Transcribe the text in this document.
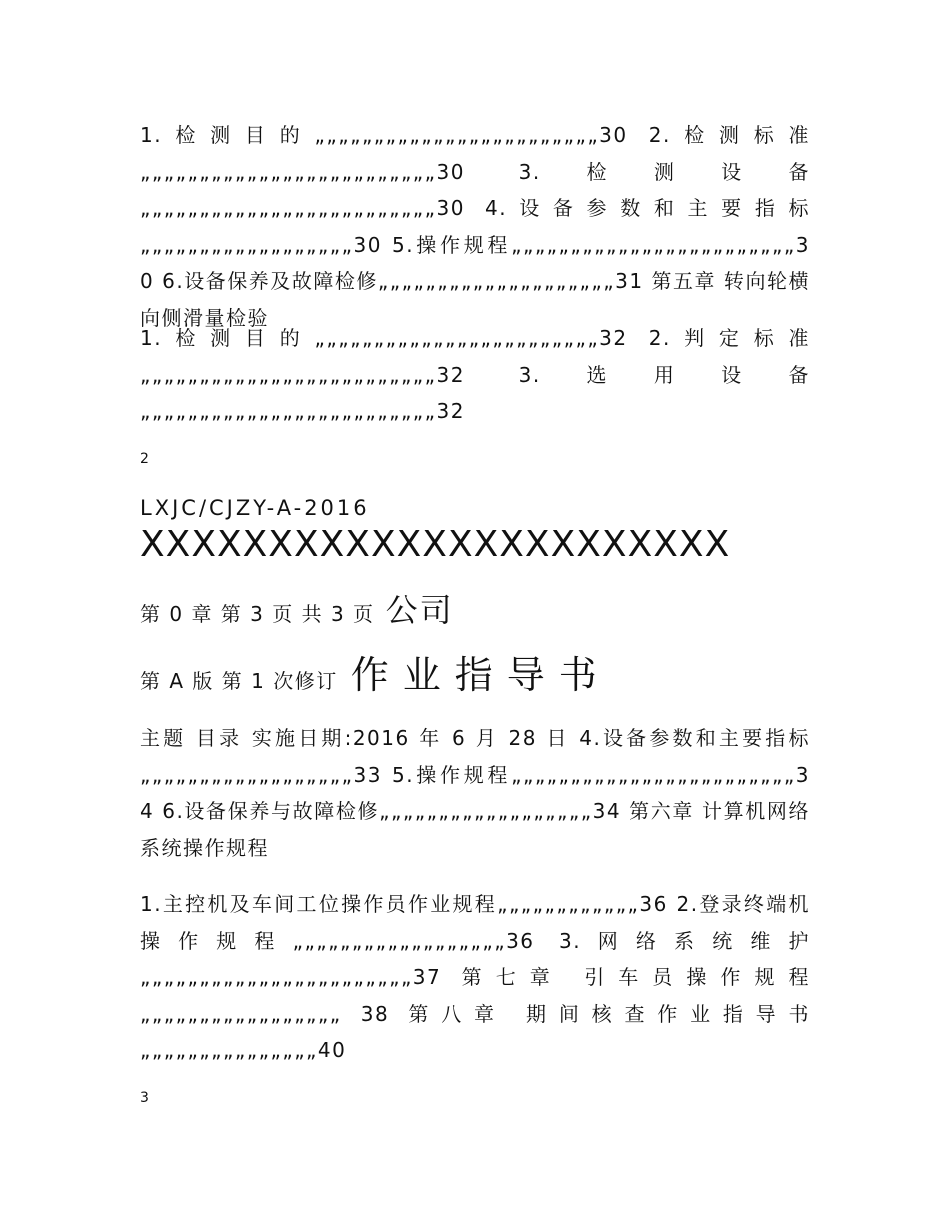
1.检测目的„„„„„„„„„„„„„„„„„„„„„„„„30 2.检测标准„„„„„„„„„„„„„„„„„„„„„„„„„30 3.检测设备„„„„„„„„„„„„„„„„„„„„„„„„„30 4.设备参数和主要指标„„„„„„„„„„„„„„„„„„30 5.操作规程„„„„„„„„„„„„„„„„„„„„„„„„30 6.设备保养及故障检修„„„„„„„„„„„„„„„„„„„„31 第五章 转向轮横向侧滑量检验

1.检测目的„„„„„„„„„„„„„„„„„„„„„„„„32 2.判定标准„„„„„„„„„„„„„„„„„„„„„„„„„32 3.选用设备„„„„„„„„„„„„„„„„„„„„„„„„„32

2

LXJC/CJZY-A-2016

XXXXXXXXXXXXXXXXXXXXXXX

第 0 章 第 3 页 共 3 页 公司

第 A 版 第 1 次修订 作业指导书

主题 目录 实施日期:2016 年 6 月 28 日 4.设备参数和主要指标„„„„„„„„„„„„„„„„„„33 5.操作规程„„„„„„„„„„„„„„„„„„„„„„„„34 6.设备保养与故障检修„„„„„„„„„„„„„„„„„„34 第六章 计算机网络系统操作规程

1.主控机及车间工位操作员作业规程„„„„„„„„„„„„36 2.登录终端机操作规程„„„„„„„„„„„„„„„„„„36 3.网络系统维护„„„„„„„„„„„„„„„„„„„„„„„37 第七章 引车员操作规程„„„„„„„„„„„„„„„„„ 38 第八章 期间核查作业指导书„„„„„„„„„„„„„„„40

3
